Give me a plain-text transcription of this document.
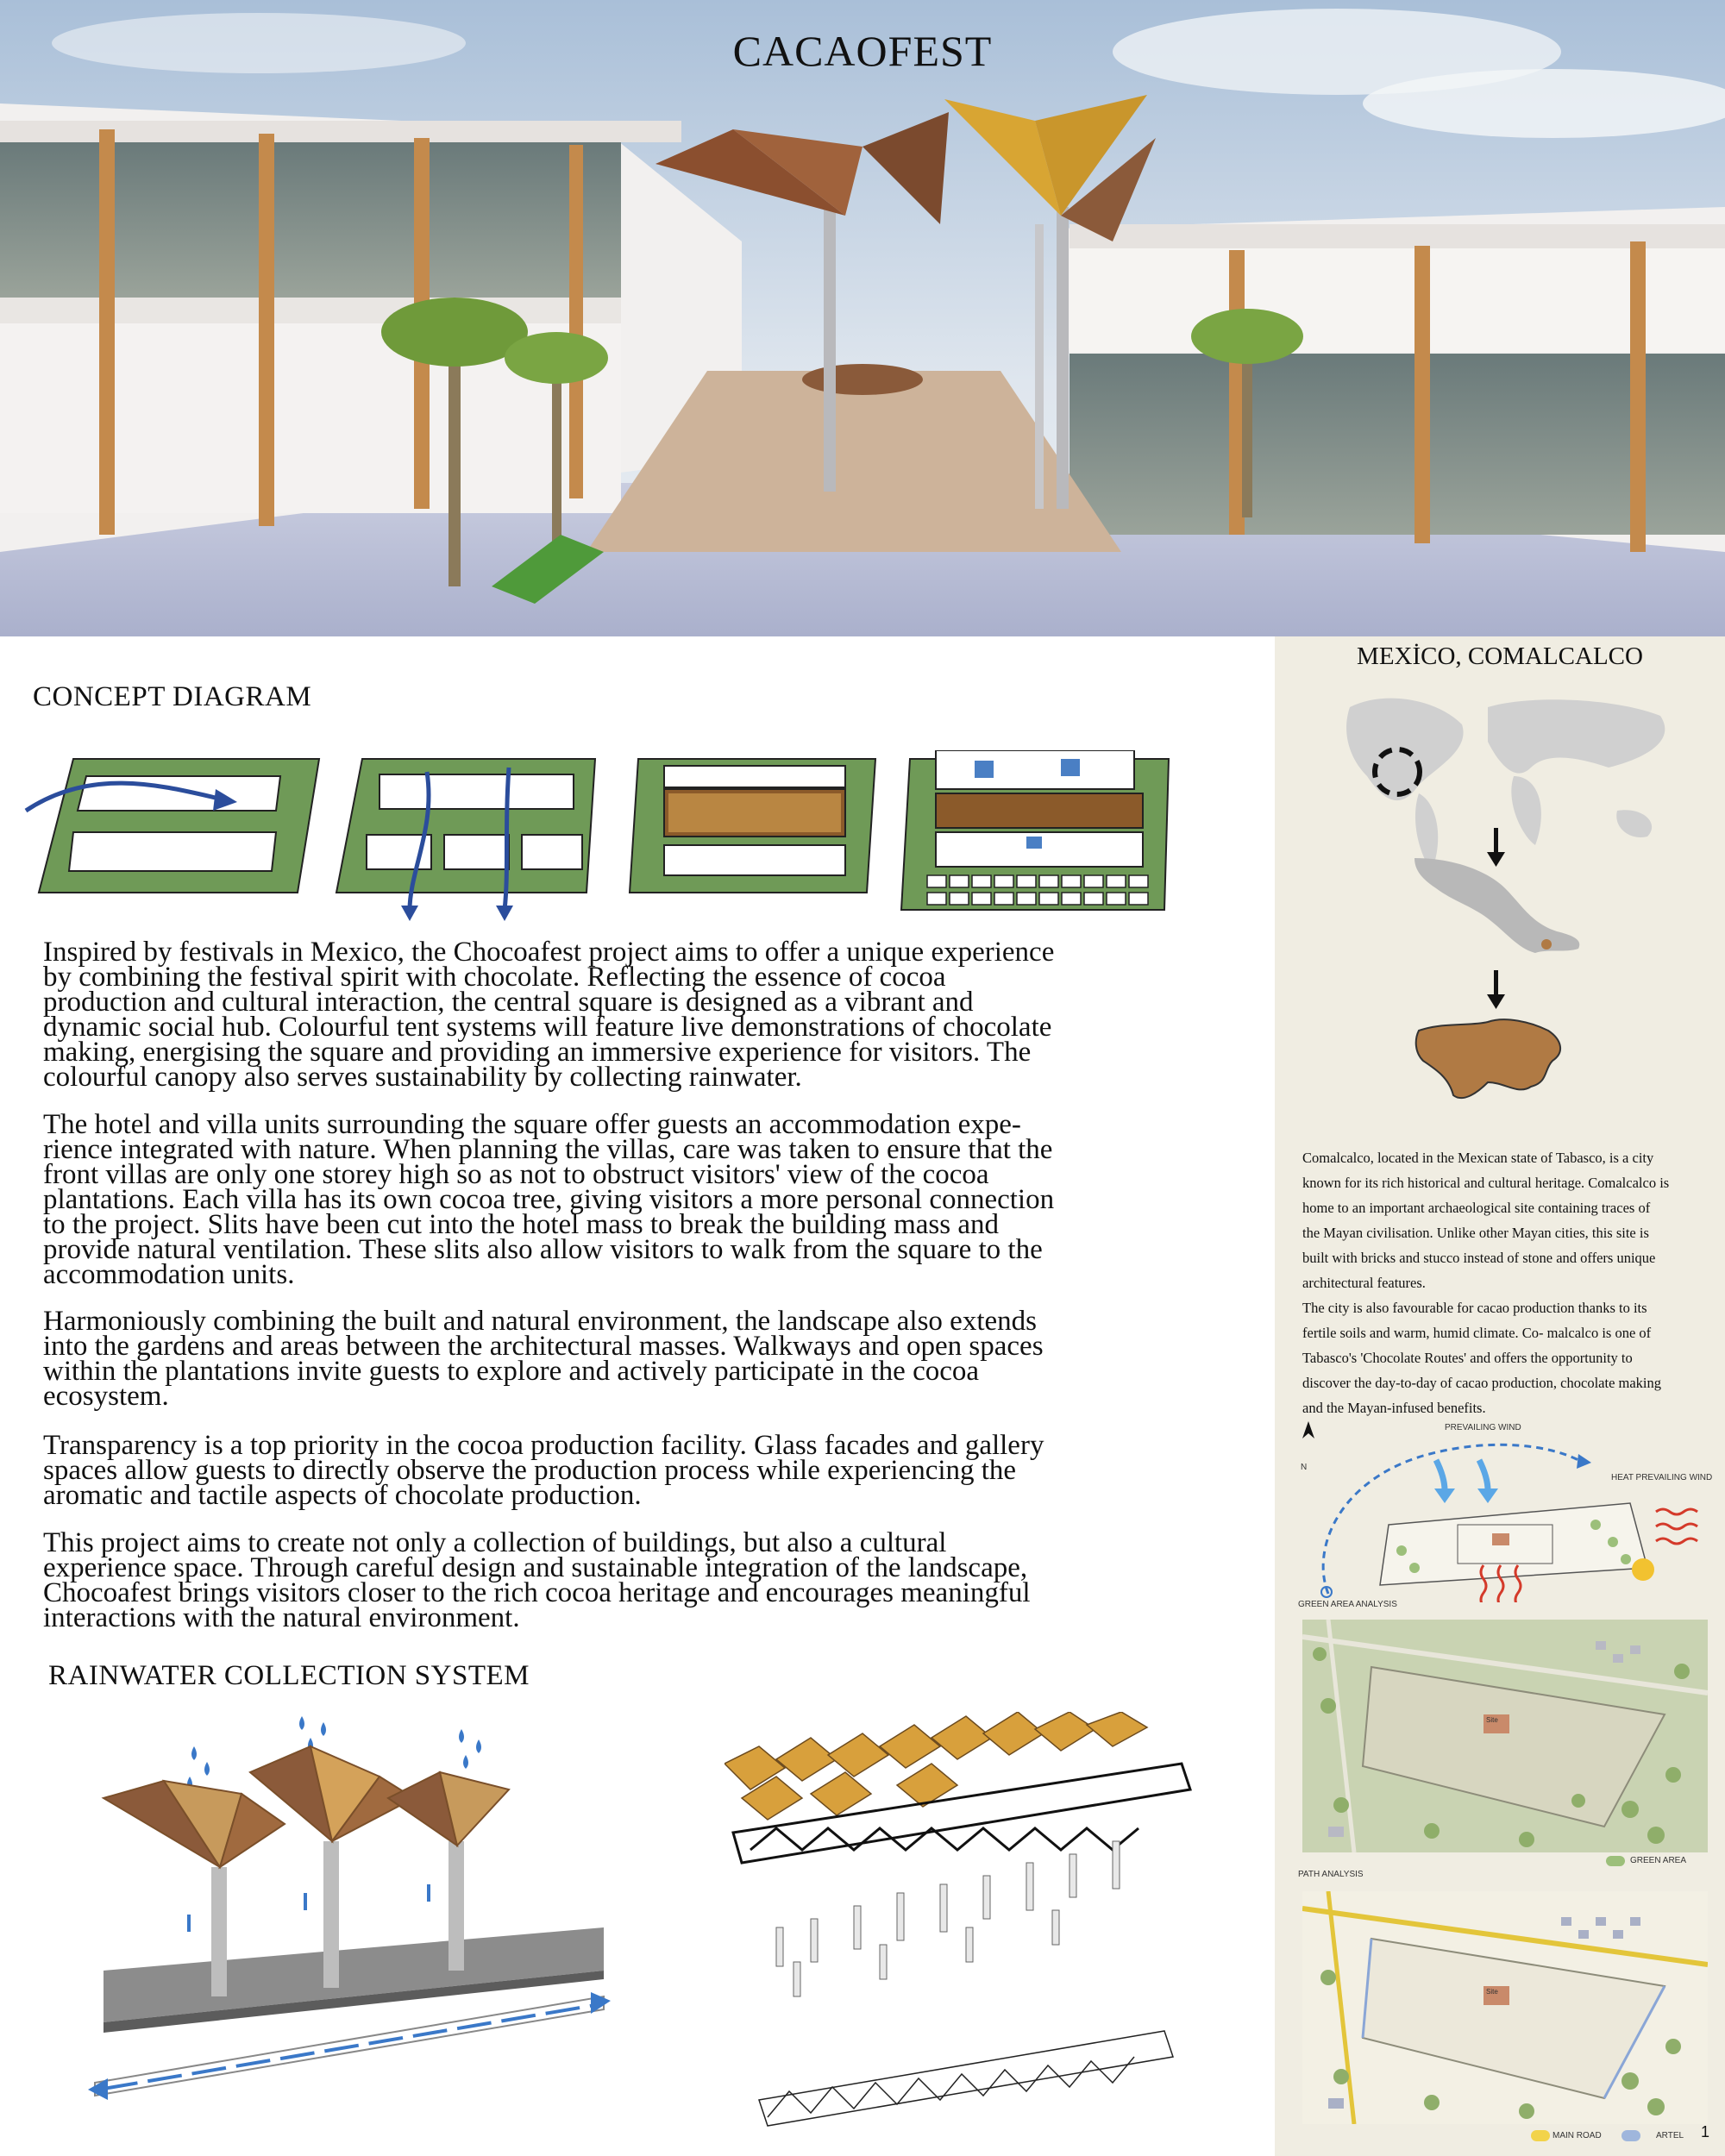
CACAOFEST
CONCEPT DIAGRAM
Inspired by festivals in Mexico, the Chocoafest project aims to offer a unique experience
by combining the festival spirit with chocolate. Reflecting the essence of cocoa
production and cultural interaction, the central square is designed as a vibrant and
dynamic social hub. Colourful tent systems will feature live demonstrations of chocolate
making, energising the square and providing an immersive experience for visitors. The
colourful canopy also serves sustainability by collecting rainwater.
The hotel and villa units surrounding the square offer guests an accommodation expe-
rience integrated with nature. When planning the villas, care was taken to ensure that the
front villas are only one storey high so as not to obstruct visitors' view of the cocoa
plantations. Each villa has its own cocoa tree, giving visitors a more personal connection
to the project. Slits have been cut into the hotel mass to break the building mass and
provide natural ventilation. These slits also allow visitors to walk from the square to the
accommodation units.
Harmoniously combining the built and natural environment, the landscape also extends
into the gardens and areas between the architectural masses. Walkways and open spaces
within the plantations invite guests to explore and actively participate in the cocoa
ecosystem.
Transparency is a top priority in the cocoa production facility. Glass facades and gallery
spaces allow guests to directly observe the production process while experiencing the
aromatic and tactile aspects of chocolate production.
This project aims to create not only a collection of buildings, but also a cultural
experience space. Through careful design and sustainable integration of the landscape,
Chocoafest brings visitors closer to the rich cocoa heritage and encourages meaningful
interactions with the natural environment.
RAINWATER COLLECTION SYSTEM
MEXİCO, COMALCALCO
Comalcalco, located in the Mexican state of Tabasco, is a city
known for its rich historical and cultural heritage. Comalcalco is
home to an important archaeological site containing traces of
the Mayan civilisation. Unlike other Mayan cities, this site is
built with bricks and stucco instead of stone and offers unique
architectural features.
The city is also favourable for cacao production thanks to its
fertile soils and warm, humid climate. Co- malcalco is one of
Tabasco's 'Chocolate Routes' and offers the opportunity to
discover the day-to-day of cacao production, chocolate making
and the Mayan-infused benefits.
N
PREVAILING WIND
HEAT PREVAILING WIND
GREEN AREA ANALYSIS
Site
GREEN AREA
PATH ANALYSIS
Site
MAIN ROAD	ARTEL 1
